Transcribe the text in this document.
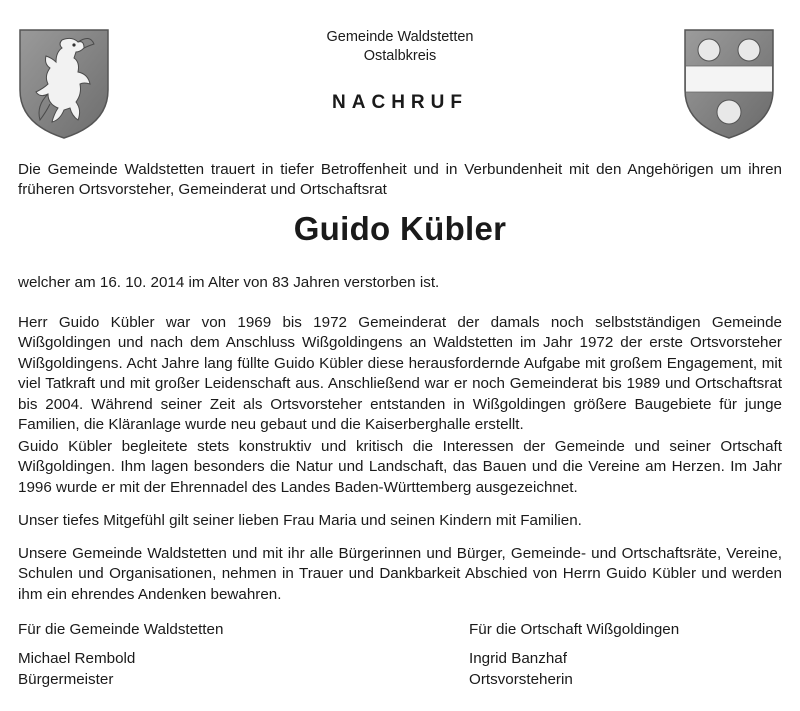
Gemeinde Waldstetten
Ostalbkreis
NACHRUF

Die Gemeinde Waldstetten trauert in tiefer Betroffenheit und in Verbundenheit mit den Angehörigen um ihren früheren Ortsvorsteher, Gemeinderat und Ortschaftsrat

Guido Kübler

welcher am 16. 10. 2014 im Alter von 83 Jahren verstorben ist.

Herr Guido Kübler war von 1969 bis 1972 Gemeinderat der damals noch selbstständigen Gemeinde Wißgoldingen und nach dem Anschluss Wißgoldingens an Waldstetten im Jahr 1972 der erste Ortsvorsteher Wißgoldingens. Acht Jahre lang füllte Guido Kübler diese herausfordernde Aufgabe mit großem Engagement, mit viel Tatkraft und mit großer Leidenschaft aus. Anschließend war er noch Gemeinderat bis 1989 und Ortschaftsrat bis 2004. Während seiner Zeit als Ortsvorsteher entstanden in Wißgoldingen größere Baugebiete für junge Familien, die Kläranlage wurde neu gebaut und die Kaiserberghalle erstellt.

Guido Kübler begleitete stets konstruktiv und kritisch die Interessen der Gemeinde und seiner Ortschaft Wißgoldingen. Ihm lagen besonders die Natur und Landschaft, das Bauen und die Vereine am Herzen. Im Jahr 1996 wurde er mit der Ehrennadel des Landes Baden-Württemberg ausgezeichnet.

Unser tiefes Mitgefühl gilt seiner lieben Frau Maria und seinen Kindern mit Familien.

Unsere Gemeinde Waldstetten und mit ihr alle Bürgerinnen und Bürger, Gemeinde- und Ortschaftsräte, Vereine, Schulen und Organisationen, nehmen in Trauer und Dankbarkeit Abschied von Herrn Guido Kübler und werden ihm ein ehrendes Andenken bewahren.

Für die Gemeinde Waldstetten
Michael Rembold
Bürgermeister
Für die Ortschaft Wißgoldingen
Ingrid Banzhaf
Ortsvorsteherin
